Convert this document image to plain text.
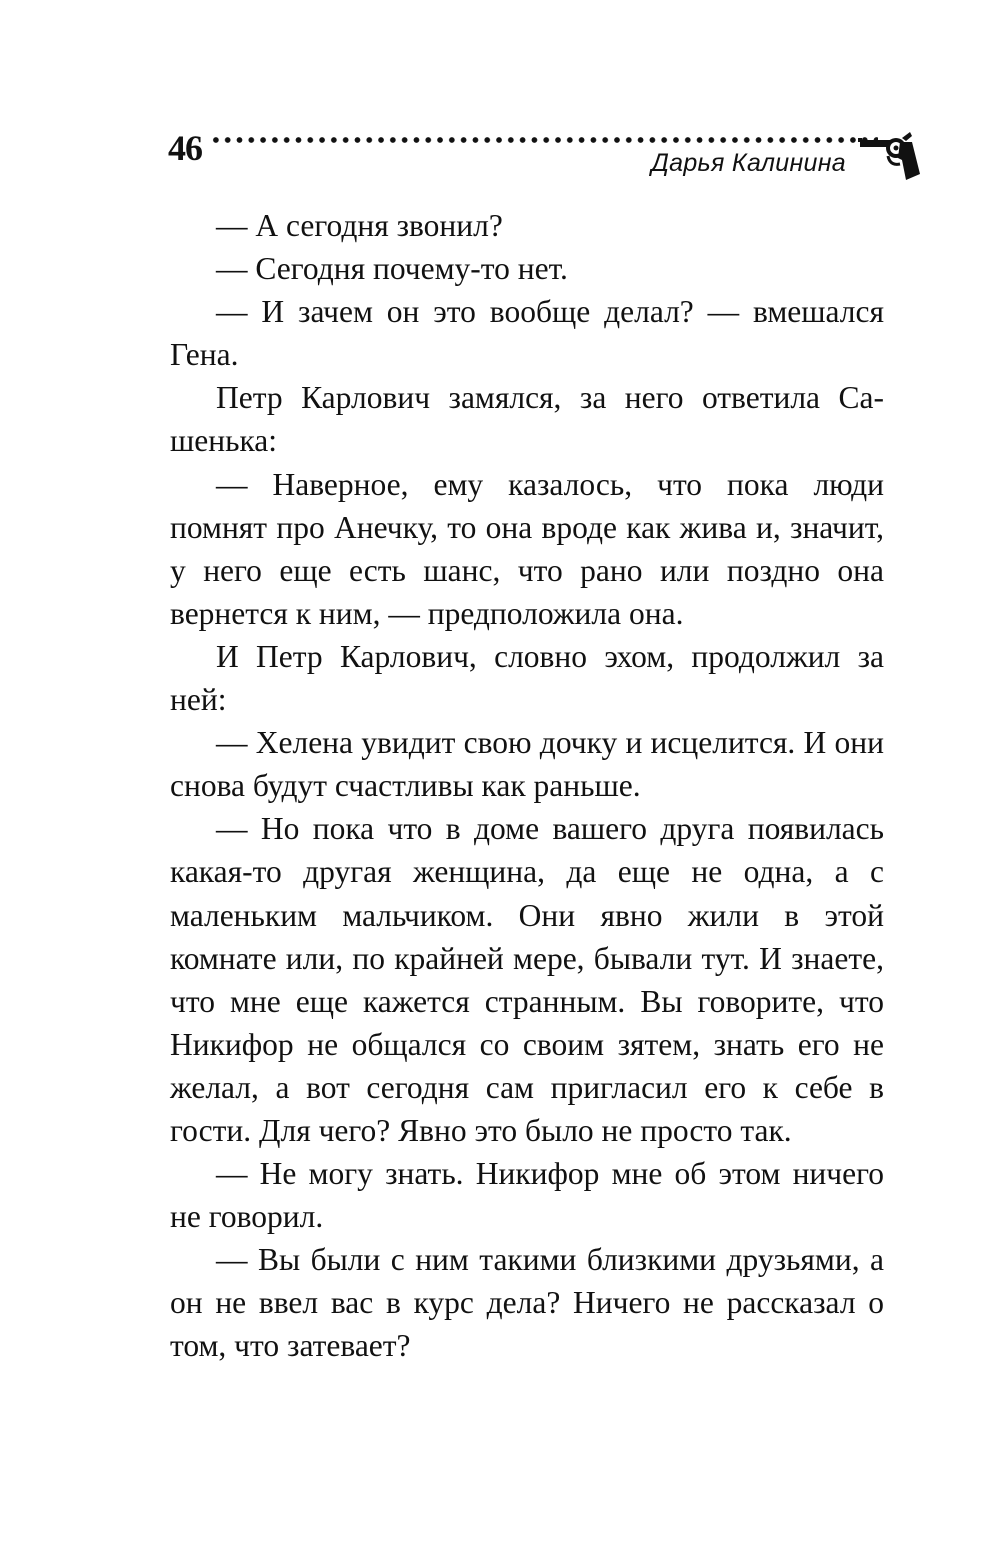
46	Дарья Калинина

— А сегодня звонил?

— Сегодня почему-то нет.

— И зачем он это вообще делал? — вмешался Гена.

Петр Карлович замялся, за него ответила Сашенька:

— Наверное, ему казалось, что пока люди помнят про Анечку, то она вроде как жива и, значит, у него еще есть шанс, что рано или поздно она вернется к ним, — предположила она.

И Петр Карлович, словно эхом, продолжил за ней:

— Хелена увидит свою дочку и исцелится. И они снова будут счастливы как раньше.

— Но пока что в доме вашего друга появилась какая-то другая женщина, да еще не одна, а с маленьким мальчиком. Они явно жили в этой комнате или, по крайней мере, бывали тут. И знаете, что мне еще кажется странным. Вы говорите, что Никифор не общался со своим зятем, знать его не желал, а вот сегодня сам пригласил его к себе в гости. Для чего? Явно это было не просто так.

— Не могу знать. Никифор мне об этом ничего не говорил.

— Вы были с ним такими близкими друзьями, а он не ввел вас в курс дела? Ничего не рассказал о том, что затевает?
